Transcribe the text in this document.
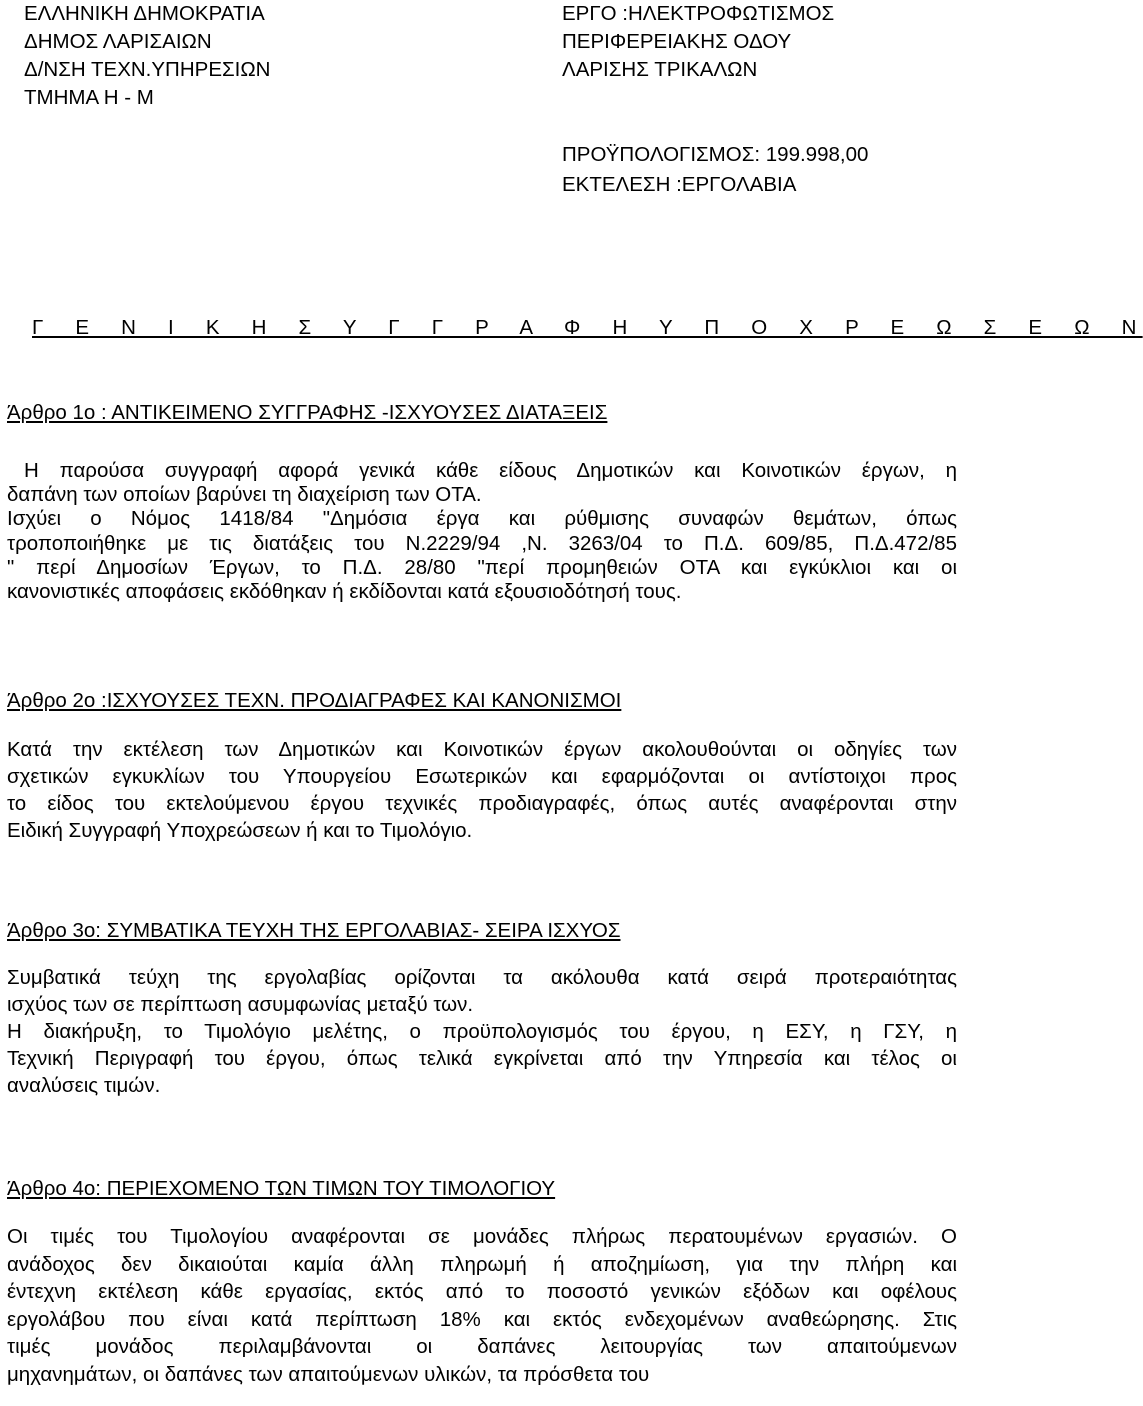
ΕΛΛΗΝΙΚΗ ΔΗΜΟΚΡΑΤΙΑ
ΔΗΜΟΣ ΛΑΡΙΣΑΙΩΝ
Δ/ΝΣΗ ΤΕΧΝ.ΥΠΗΡΕΣΙΩΝ
ΤΜΗΜΑ Η - Μ
ΕΡΓΟ :ΗΛΕΚΤΡΟΦΩΤΙΣΜΟΣ
ΠΕΡΙΦΕΡΕΙΑΚΗΣ ΟΔΟΥ
ΛΑΡΙΣΗΣ ΤΡΙΚΑΛΩΝ
ΠΡΟΫΠΟΛΟΓΙΣΜΟΣ: 199.998,00
ΕΚΤΕΛΕΣΗ :ΕΡΓΟΛΑΒΙΑ
Γ Ε Ν Ι Κ Η Σ Υ Γ Γ Ρ Α Φ Η Υ Π Ο Χ Ρ Ε Ω Σ Ε Ω Ν
Άρθρο 1ο : ΑΝΤΙΚΕΙΜΕΝΟ ΣΥΓΓΡΑΦΗΣ -ΙΣΧΥΟΥΣΕΣ ΔΙΑΤΑΞΕΙΣ
Η παρούσα συγγραφή αφορά γενικά κάθε είδους Δημοτικών και Κοινοτικών έργων, η
δαπάνη των οποίων βαρύνει τη διαχείριση των ΟΤΑ.
Ισχύει ο Νόμος 1418/84 "Δημόσια έργα και ρύθμισης συναφών θεμάτων, όπως
τροποποιήθηκε με τις διατάξεις του Ν.2229/94 ,Ν. 3263/04 το Π.Δ. 609/85, Π.Δ.472/85
" περί Δημοσίων Έργων, το Π.Δ. 28/80 "περί προμηθειών ΟΤΑ και εγκύκλιοι και οι
κανονιστικές αποφάσεις εκδόθηκαν ή εκδίδονται κατά εξουσιοδότησή τους.
Άρθρο 2ο :ΙΣΧΥΟΥΣΕΣ ΤΕΧΝ. ΠΡΟΔΙΑΓΡΑΦΕΣ ΚΑΙ ΚΑΝΟΝΙΣΜΟΙ
Κατά την εκτέλεση των Δημοτικών και Κοινοτικών έργων ακολουθούνται οι οδηγίες των
σχετικών εγκυκλίων του Υπουργείου Εσωτερικών και εφαρμόζονται οι αντίστοιχοι προς
το είδος του εκτελούμενου έργου τεχνικές προδιαγραφές, όπως αυτές αναφέρονται στην
Ειδική Συγγραφή Υποχρεώσεων ή και το Τιμολόγιο.
Άρθρο 3ο: ΣΥΜΒΑΤΙΚΑ ΤΕΥΧΗ ΤΗΣ ΕΡΓΟΛΑΒΙΑΣ- ΣΕΙΡΑ ΙΣΧΥΟΣ
Συμβατικά τεύχη της εργολαβίας ορίζονται τα ακόλουθα κατά σειρά προτεραιότητας
ισχύος των σε περίπτωση ασυμφωνίας μεταξύ των.
Η διακήρυξη, το Τιμολόγιο μελέτης, ο προϋπολογισμός του έργου, η ΕΣΥ, η ΓΣΥ, η
Τεχνική Περιγραφή του έργου, όπως τελικά εγκρίνεται από την Υπηρεσία και τέλος οι
αναλύσεις τιμών.
Άρθρο 4ο: ΠΕΡΙΕΧΟΜΕΝΟ ΤΩΝ ΤΙΜΩΝ ΤΟΥ ΤΙΜΟΛΟΓΙΟΥ
Οι τιμές του Τιμολογίου αναφέρονται σε μονάδες πλήρως περατουμένων εργασιών. Ο
ανάδοχος δεν δικαιούται καμία άλλη πληρωμή ή αποζημίωση, για την πλήρη και
έντεχνη εκτέλεση κάθε εργασίας, εκτός από το ποσοστό γενικών εξόδων και οφέλους
εργολάβου που είναι κατά περίπτωση 18% και εκτός ενδεχομένων αναθεώρησης. Στις
τιμές μονάδος περιλαμβάνονται οι δαπάνες λειτουργίας των απαιτούμενων
μηχανημάτων, οι δαπάνες των απαιτούμενων υλικών, τα πρόσθετα του
